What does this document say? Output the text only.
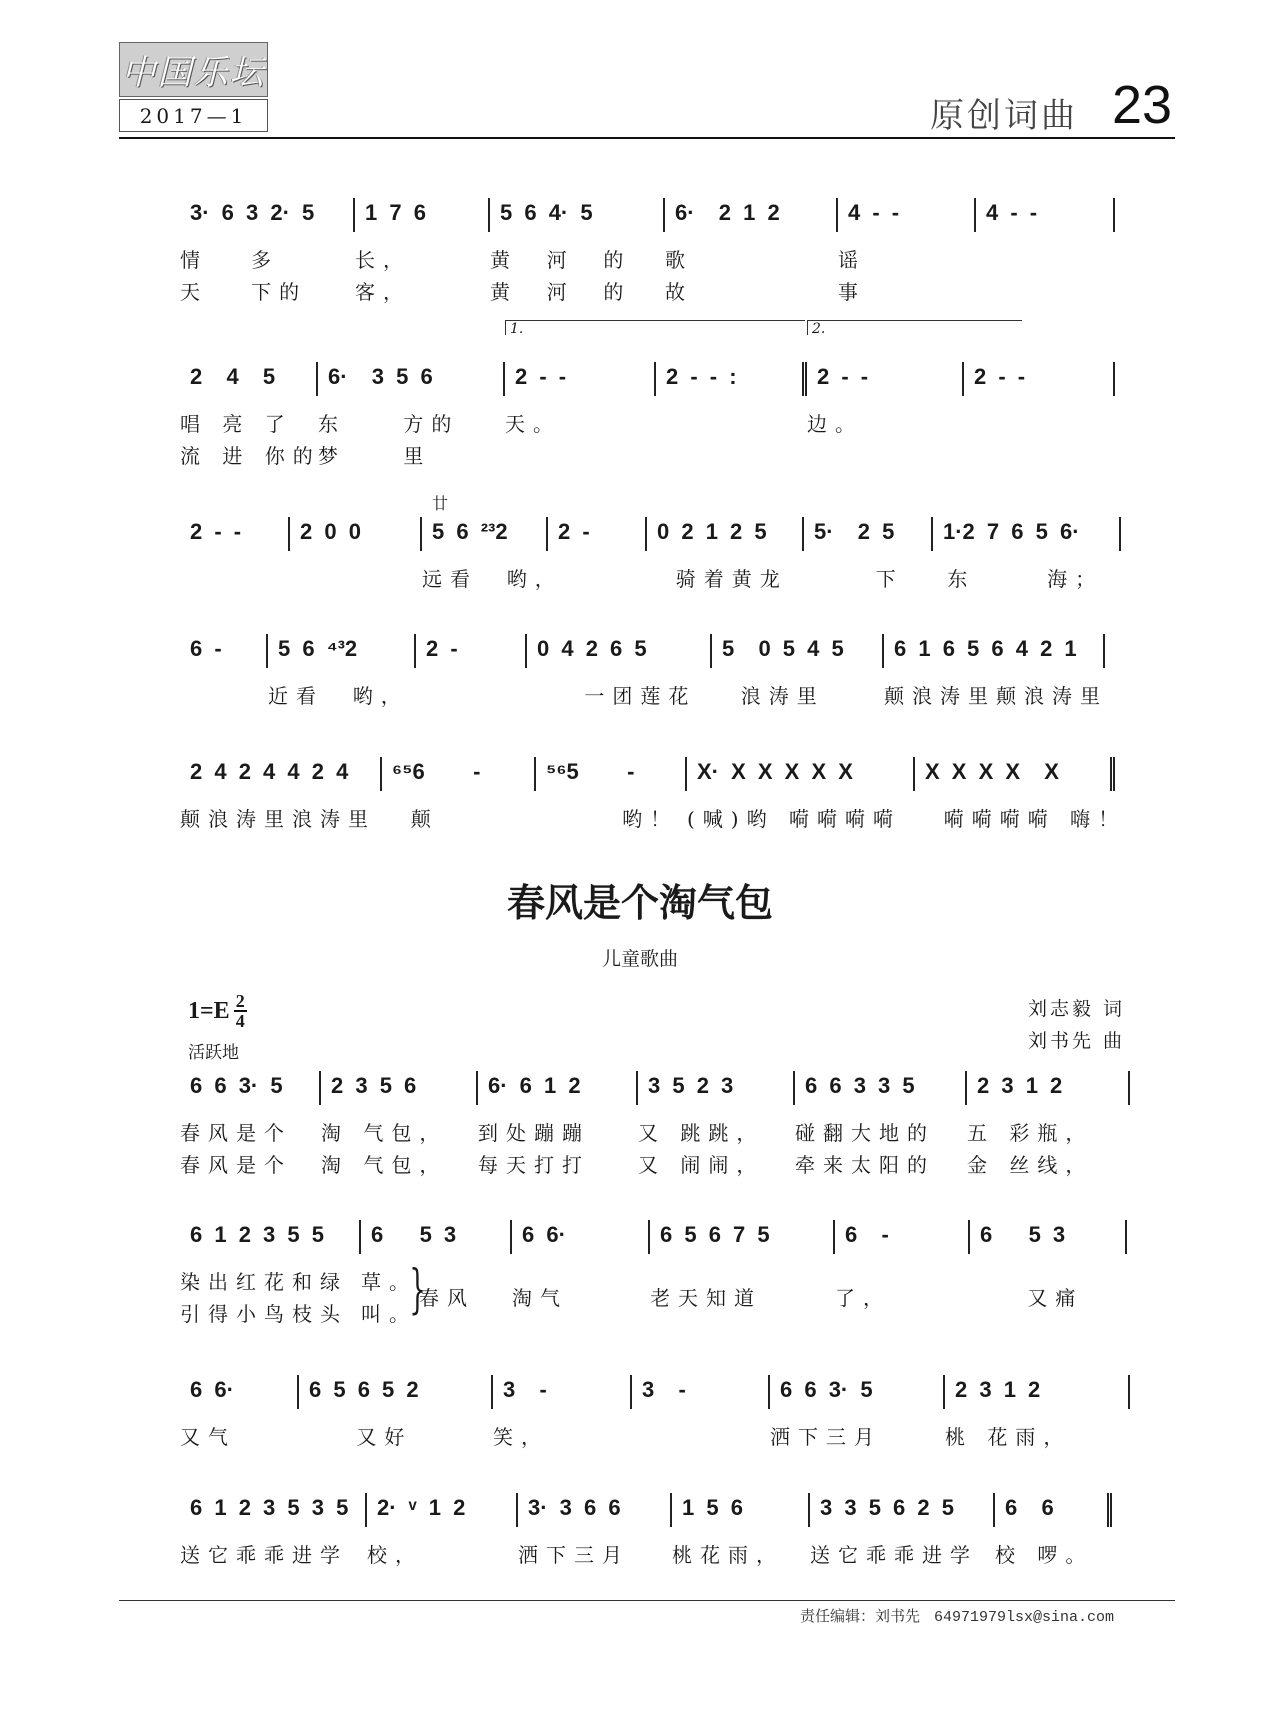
中国乐坛
2017—1	原创词曲 23
3· 6 3 2· 5
情   多
天   下的
1 7 6
长，
客，
5 6 4· 5
黄  河  的
黄  河  的
6·  2 1 2
歌
故
4 - -
谣
事
4 - -
2  4  5
唱 亮 了
流 进 你的
6·  3 5 6
东    方的
梦    里
2 - -
天。
1.
2 - - :	2 - -
边。
2.
2 - -
2 - -	2 0 0	5 6 ²³2
廿
远看  哟，
2 -	0 2 1 2 5
骑着黄龙
5·  2 5
下
1·2 7 6 5 6·
东     海；
6 -	5 6 ⁴³2
近看  哟，
2 -	0 4 2 6 5
一团莲花
5  0 5 4 5
浪涛里
6 1 6 5 6 4 2 1
颠浪涛里颠浪涛里
2 4 2 4 4 2 4
颠浪涛里浪涛里
⁶⁵6    -
颠
⁵⁶5    -
哟！
X· X X X X X
(喊)哟 嗬嗬嗬嗬
X X X X  X
嗬嗬嗬嗬 嗨！
春风是个淘气包
儿童歌曲
$1=E \frac{2}{4}$
活跃地
刘志毅 词
刘书先 曲
6 6 3· 5
春风是个
春风是个
2 3 5 6
淘 气包，
淘 气包，
6· 6 1 2
到处蹦蹦
每天打打
3 5 2 3
又 跳跳，
又 闹闹，
6 6 3 3 5
碰翻大地的
牵来太阳的
2 3 1 2
五 彩瓶，
金 丝线，
6 1 2 3 5 5
染出红花和绿
引得小鸟枝头
6   5 3
草。
叫。
春风
}
6 6·
淘气
6 5 6 7 5
老天知道
6  -
了，
6   5 3
又痛
6 6·
又气
6 5 6 5 2
又好
3  -
笑，
3  -	6 6 3· 5
洒下三月
2 3 1 2
桃 花雨，
6 1 2 3 5 3 5
送它乖乖进学
2· ᵛ 1 2
校，
3· 3 6 6
洒下三月
1 5 6
桃花雨，
3 3 5 6 2 5
送它乖乖进学
6  6
校 啰。
责任编辑：刘书先 64971979lsx@sina.com
